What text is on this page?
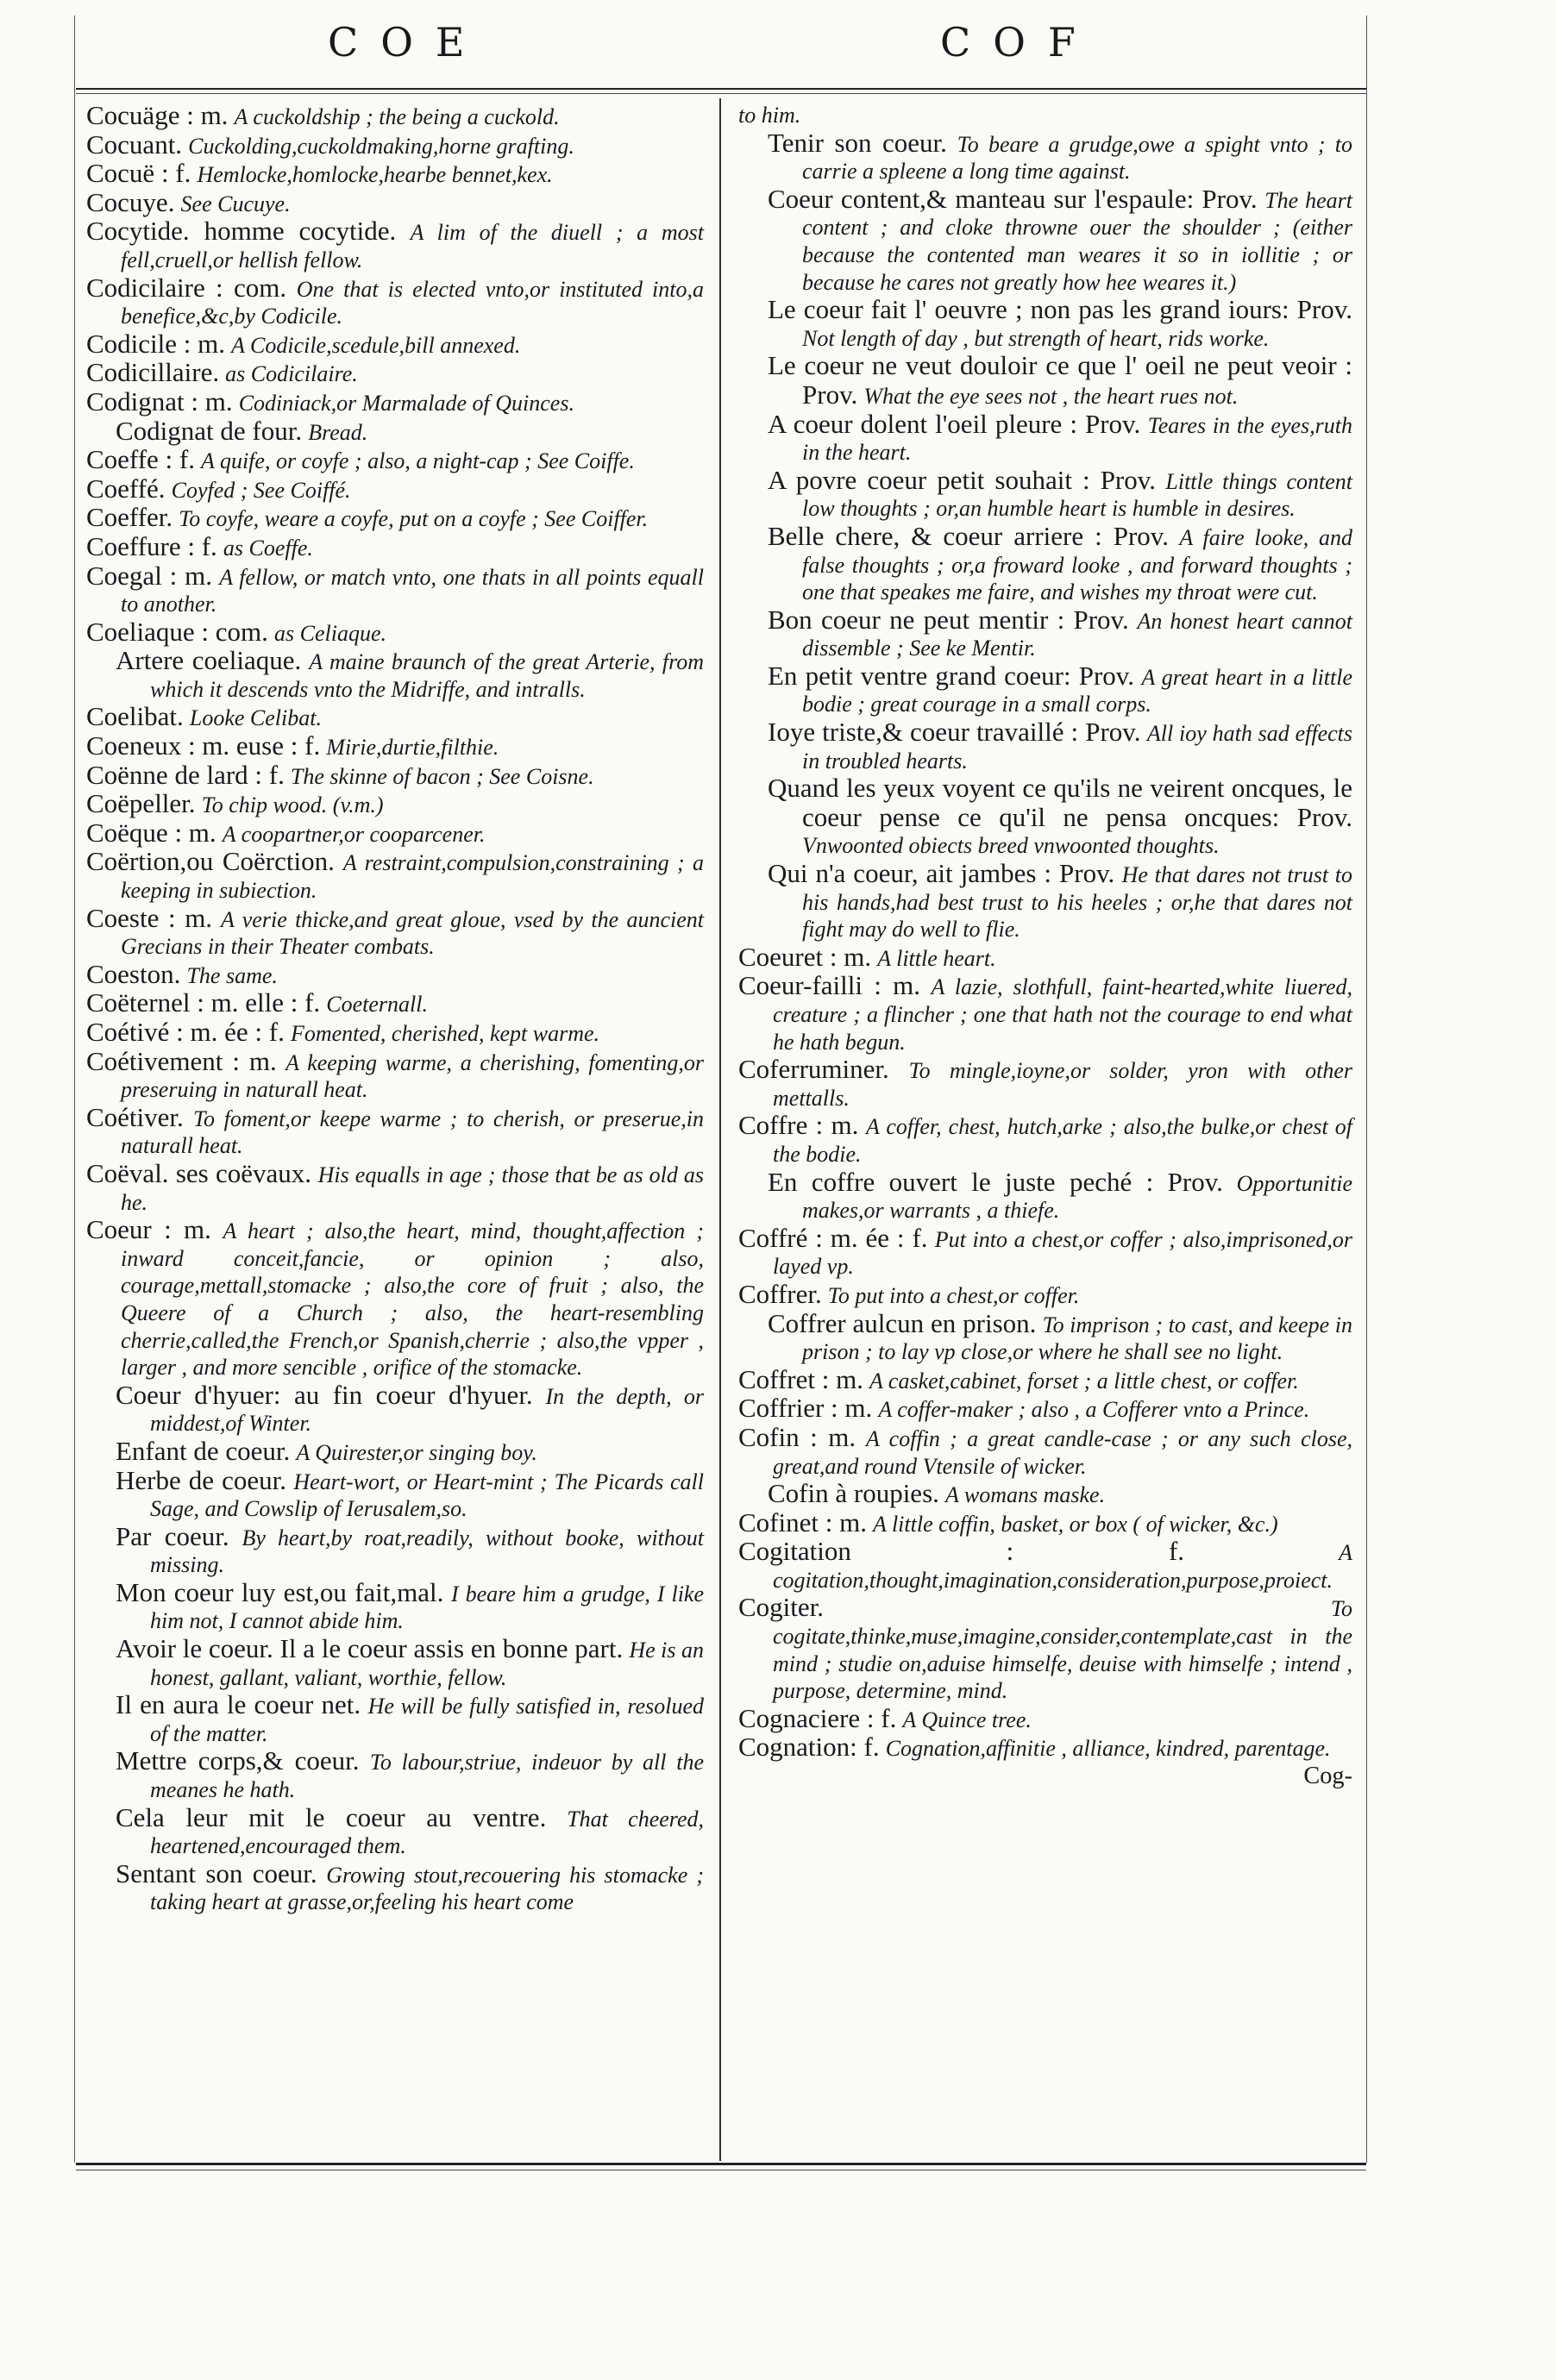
COE	COF
Cocuäge : m. A cuckoldship ; the being a cuckold.
Cocuant. Cuckolding,cuckoldmaking,horne grafting.
Cocuë : f. Hemlocke,homlocke,hearbe bennet,kex.
Cocuye. See Cucuye.
Cocytide. homme cocytide. A lim of the diuell ; a most fell,cruell,or hellish fellow.
Codicilaire : com. One that is elected vnto,or instituted into,a benefice,&c,by Codicile.
Codicile : m. A Codicile,scedule,bill annexed.
Codicillaire. as Codicilaire.
Codignat : m. Codiniack,or Marmalade of Quinces.
Codignat de four. Bread.
Coeffe : f. A quife, or coyfe ; also, a night-cap ; See Coiffe.
Coeffé. Coyfed ; See Coiffé.
Coeffer. To coyfe, weare a coyfe, put on a coyfe ; See Coiffer.
Coeffure : f. as Coeffe.
Coegal : m. A fellow, or match vnto, one thats in all points equall to another.
Coeliaque : com. as Celiaque.
Artere coeliaque. A maine braunch of the great Arterie, from which it descends vnto the Midriffe, and intralls.
Coelibat. Looke Celibat.
Coeneux : m. euse : f. Mirie,durtie,filthie.
Coënne de lard : f. The skinne of bacon ; See Coisne.
Coëpeller. To chip wood. (v.m.)
Coëque : m. A coopartner,or cooparcener.
Coërtion,ou Coërction. A restraint,compulsion,constraining ; a keeping in subiection.
Coeste : m. A verie thicke,and great gloue, vsed by the auncient Grecians in their Theater combats.
Coeston. The same.
Coëternel : m. elle : f. Coeternall.
Coétivé : m. ée : f. Fomented, cherished, kept warme.
Coétivement : m. A keeping warme, a cherishing, fomenting,or preseruing in naturall heat.
Coétiver. To foment,or keepe warme ; to cherish, or preserue,in naturall heat.
Coëval. ses coëvaux. His equalls in age ; those that be as old as he.
Coeur : m. A heart ; also,the heart, mind, thought,affection ; inward conceit,fancie, or opinion ; also, courage,mettall,stomacke ; also,the core of fruit ; also, the Queere of a Church ; also, the heart-resembling cherrie,called,the French,or Spanish,cherrie ; also,the vpper , larger , and more sencible , orifice of the stomacke.
Coeur d'hyuer: au fin coeur d'hyuer. In the depth, or middest,of Winter.
Enfant de coeur. A Quirester,or singing boy.
Herbe de coeur. Heart-wort, or Heart-mint ; The Picards call Sage, and Cowslip of Ierusalem,so.
Par coeur. By heart,by roat,readily, without booke, without missing.
Mon coeur luy est,ou fait,mal. I beare him a grudge, I like him not, I cannot abide him.
Avoir le coeur. Il a le coeur assis en bonne part. He is an honest, gallant, valiant, worthie, fellow.
Il en aura le coeur net. He will be fully satisfied in, resolued of the matter.
Mettre corps,& coeur. To labour,striue, indeuor by all the meanes he hath.
Cela leur mit le coeur au ventre. That cheered, heartened,encouraged them.
Sentant son coeur. Growing stout,recouering his stomacke ; taking heart at grasse,or,feeling his heart come
to him.
Tenir son coeur. To beare a grudge,owe a spight vnto ; to carrie a spleene a long time against.
Coeur content,& manteau sur l'espaule: Prov. The heart content ; and cloke throwne ouer the shoulder ; (either because the contented man weares it so in iollitie ; or because he cares not greatly how hee weares it.)
Le coeur fait l' oeuvre ; non pas les grand iours: Prov. Not length of day , but strength of heart, rids worke.
Le coeur ne veut douloir ce que l' oeil ne peut veoir : Prov. What the eye sees not , the heart rues not.
A coeur dolent l'oeil pleure : Prov. Teares in the eyes,ruth in the heart.
A povre coeur petit souhait : Prov. Little things content low thoughts ; or,an humble heart is humble in desires.
Belle chere, & coeur arriere : Prov. A faire looke, and false thoughts ; or,a froward looke , and forward thoughts ; one that speakes me faire, and wishes my throat were cut.
Bon coeur ne peut mentir : Prov. An honest heart cannot dissemble ; See ke Mentir.
En petit ventre grand coeur: Prov. A great heart in a little bodie ; great courage in a small corps.
Ioye triste,& coeur travaillé : Prov. All ioy hath sad effects in troubled hearts.
Quand les yeux voyent ce qu'ils ne veirent oncques, le coeur pense ce qu'il ne pensa oncques: Prov. Vnwoonted obiects breed vnwoonted thoughts.
Qui n'a coeur, ait jambes : Prov. He that dares not trust to his hands,had best trust to his heeles ; or,he that dares not fight may do well to flie.
Coeuret : m. A little heart.
Coeur-failli : m. A lazie, slothfull, faint-hearted,white liuered, creature ; a flincher ; one that hath not the courage to end what he hath begun.
Coferruminer. To mingle,ioyne,or solder, yron with other mettalls.
Coffre : m. A coffer, chest, hutch,arke ; also,the bulke,or chest of the bodie.
En coffre ouvert le juste peché : Prov. Opportunitie makes,or warrants , a thiefe.
Coffré : m. ée : f. Put into a chest,or coffer ; also,imprisoned,or layed vp.
Coffrer. To put into a chest,or coffer.
Coffrer aulcun en prison. To imprison ; to cast, and keepe in prison ; to lay vp close,or where he shall see no light.
Coffret : m. A casket,cabinet, forset ; a little chest, or coffer.
Coffrier : m. A coffer-maker ; also , a Cofferer vnto a Prince.
Cofin : m. A coffin ; a great candle-case ; or any such close, great,and round Vtensile of wicker.
Cofin à roupies. A womans maske.
Cofinet : m. A little coffin, basket, or box ( of wicker, &c.)
Cogitation : f.	A cogitation,thought,imagination,consideration,purpose,proiect.
Cogiter.	To cogitate,thinke,muse,imagine,consider,contemplate,cast in the mind ; studie on,aduise himselfe, deuise with himselfe ; intend , purpose, determine, mind.
Cognaciere : f. A Quince tree.
Cognation: f. Cognation,affinitie , alliance, kindred, parentage.
Cog-
